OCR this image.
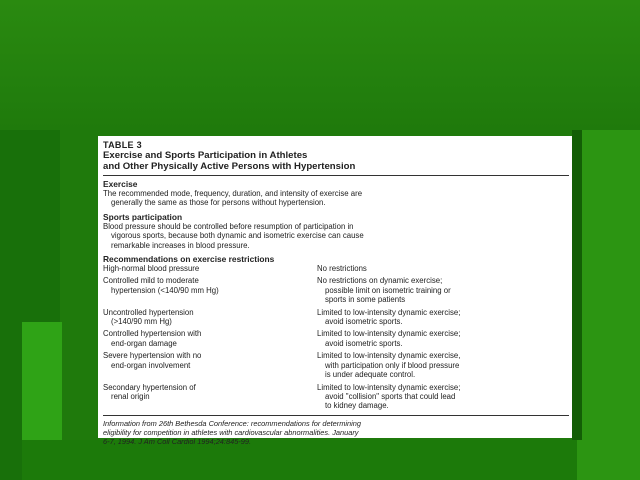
TABLE 3
Exercise and Sports Participation in Athletes
and Other Physically Active Persons with Hypertension
Exercise
The recommended mode, frequency, duration, and intensity of exercise are
generally the same as those for persons without hypertension.
Sports participation
Blood pressure should be controlled before resumption of participation in
vigorous sports, because both dynamic and isometric exercise can cause
remarkable increases in blood pressure.
Recommendations on exercise restrictions
High-normal blood pressure	No restrictions
Controlled mild to moderate
hypertension (<140/90 mm Hg)
No restrictions on dynamic exercise;
possible limit on isometric training or
sports in some patients
Uncontrolled hypertension
(>140/90 mm Hg)
Limited to low-intensity dynamic exercise;
avoid isometric sports.
Controlled hypertension with
end-organ damage
Limited to low-intensity dynamic exercise;
avoid isometric sports.
Severe hypertension with no
end-organ involvement
Limited to low-intensity dynamic exercise,
with participation only if blood pressure
is under adequate control.
Secondary hypertension of
renal origin
Limited to low-intensity dynamic exercise;
avoid "collision" sports that could lead
to kidney damage.
Information from 26th Bethesda Conference: recommendations for determining
eligibility for competition in athletes with cardiovascular abnormalities. January
6-7, 1994. J Am Coll Cardiol 1994;24:845-99.
